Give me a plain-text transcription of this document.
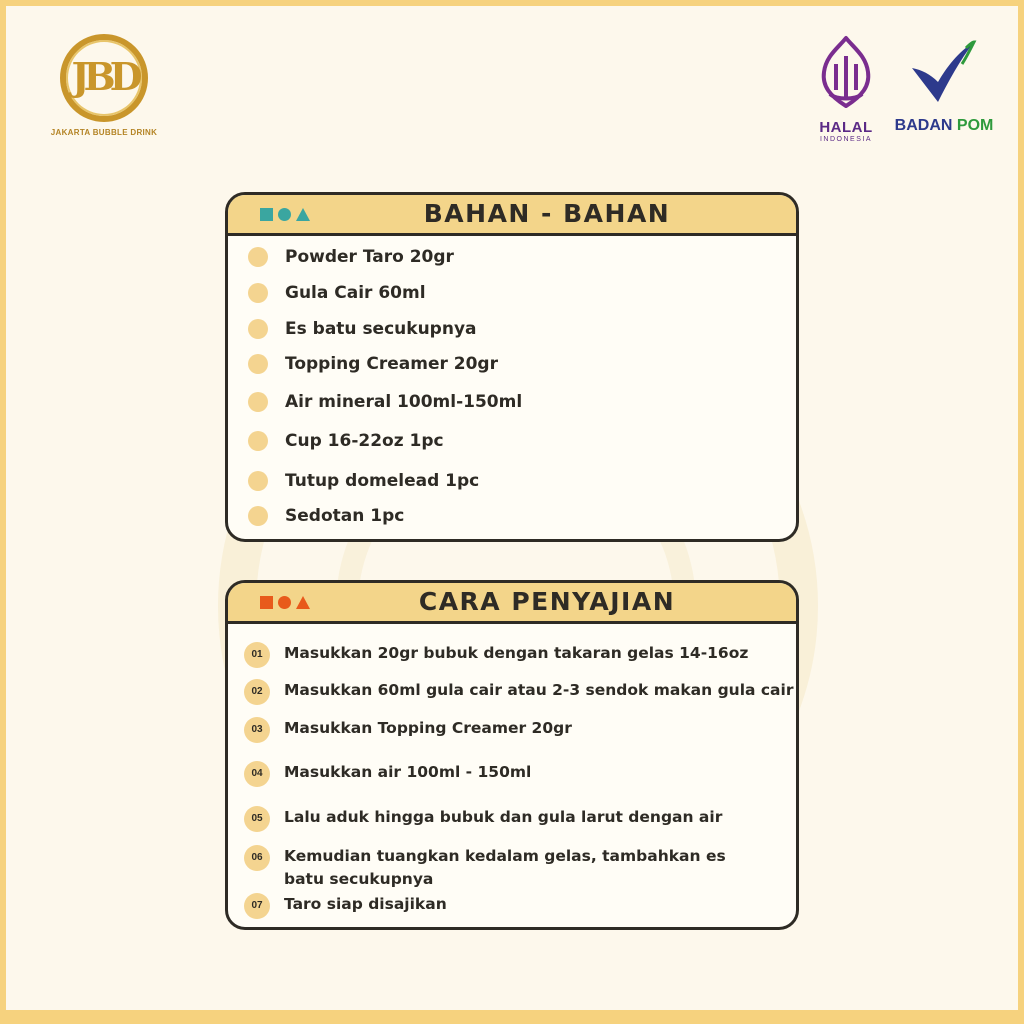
JBD
JAKARTA BUBBLE DRINK	HALAL
INDONESIA
BADAN POM
BAHAN - BAHAN
Powder Taro 20gr
Gula Cair 60ml
Es batu secukupnya
Topping Creamer 20gr
Air mineral 100ml-150ml
Cup 16-22oz 1pc
Tutup domelead 1pc
Sedotan 1pc
CARA PENYAJIAN
01	Masukkan 20gr bubuk dengan takaran gelas 14-16oz
02	Masukkan 60ml gula cair atau 2-3 sendok makan gula cair
03	Masukkan Topping Creamer 20gr
04	Masukkan air 100ml - 150ml
05	Lalu aduk hingga bubuk dan gula larut dengan air
06	Kemudian tuangkan kedalam gelas, tambahkan es batu secukupnya
07	Taro siap disajikan
